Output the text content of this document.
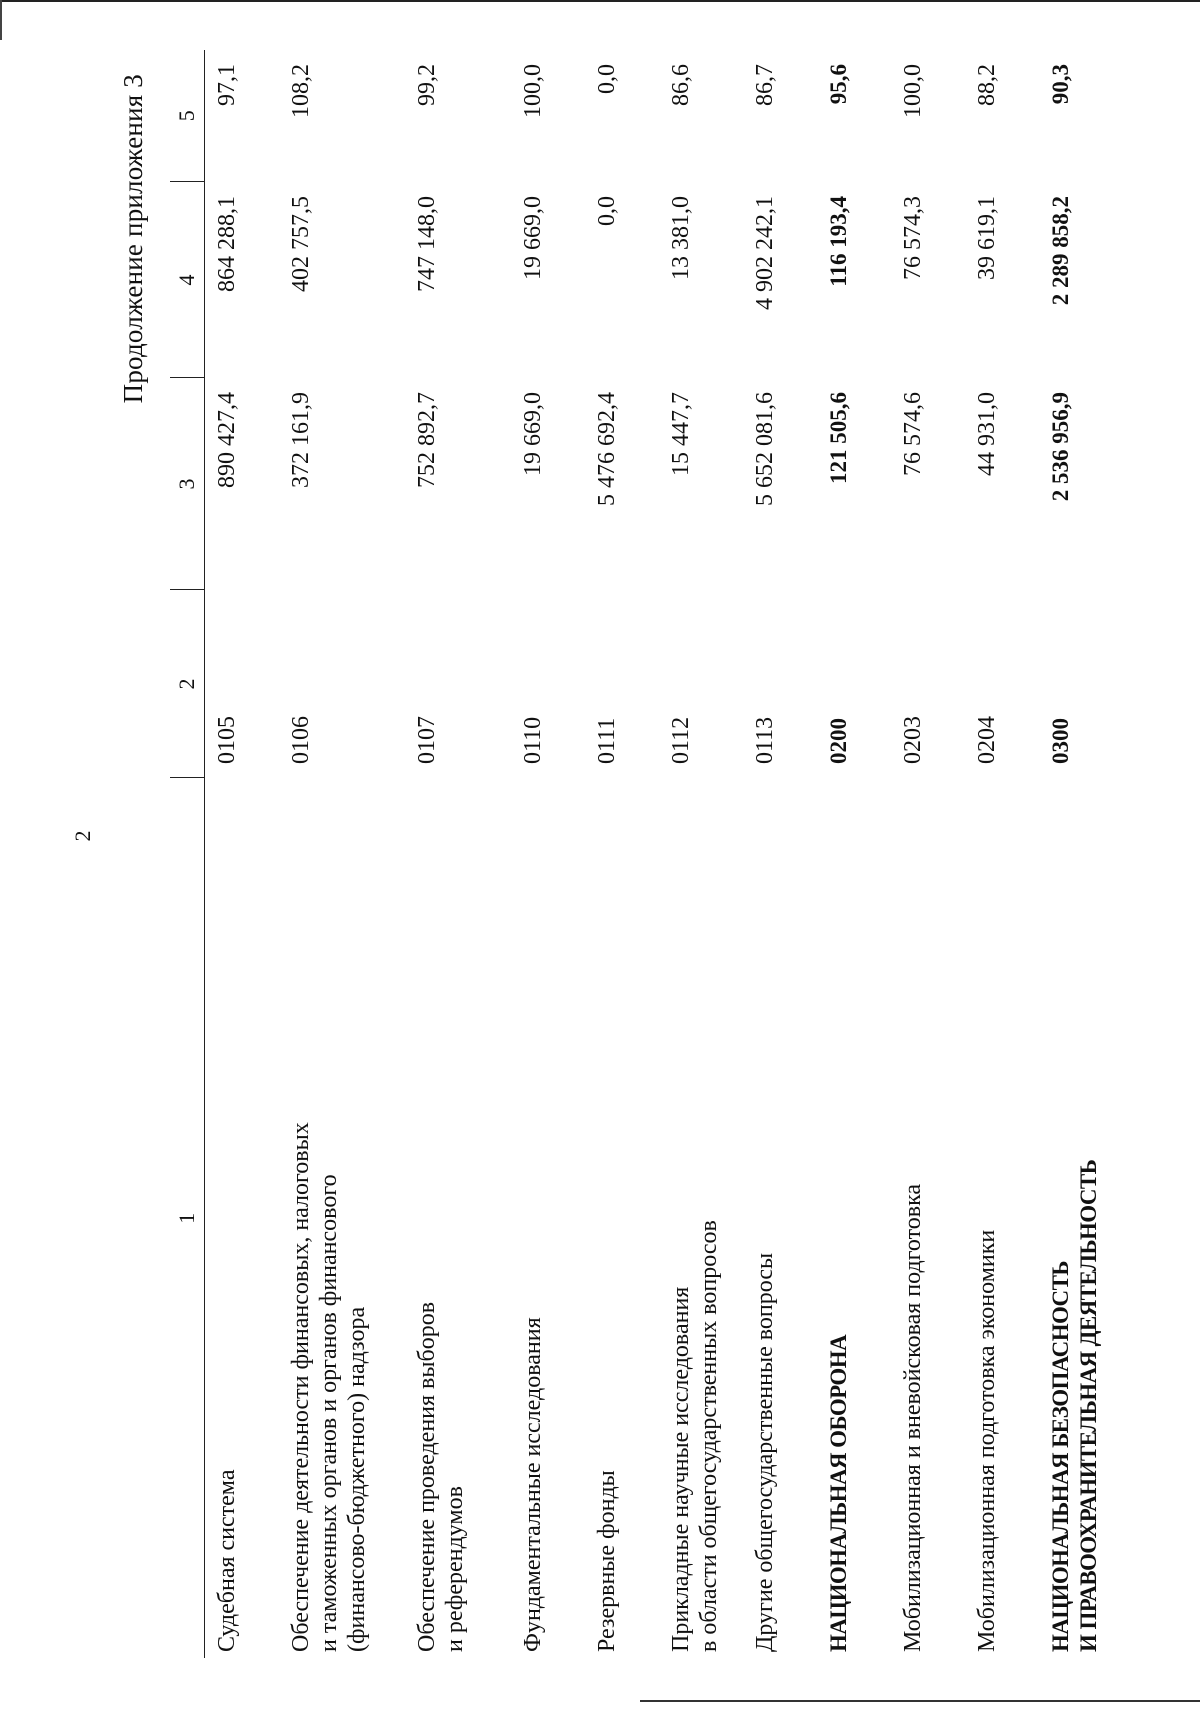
2
Продолжение приложения 3
1	2	3	4	5

Судебная система	0105	890 427,4	864 288,1	97,1

Обеспечение деятельности финансовых, налоговых и таможенных органов и органов финансового (финансово-бюджетного) надзора	0106	372 161,9	402 757,5	108,2

Обеспечение проведения выборов и референдумов	0107	752 892,7	747 148,0	99,2

Фундаментальные исследования	0110	19 669,0	19 669,0	100,0

Резервные фонды	0111	5 476 692,4	0,0	0,0

Прикладные научные исследования в области общегосударственных вопросов	0112	15 447,7	13 381,0	86,6

Другие общегосударственные вопросы	0113	5 652 081,6	4 902 242,1	86,7

НАЦИОНАЛЬНАЯ ОБОРОНА	0200	121 505,6	116 193,4	95,6

Мобилизационная и вневойсковая подготовка	0203	76 574,6	76 574,3	100,0

Мобилизационная подготовка экономики	0204	44 931,0	39 619,1	88,2

НАЦИОНАЛЬНАЯ БЕЗОПАСНОСТЬ И ПРАВООХРАНИТЕЛЬНАЯ ДЕЯТЕЛЬНОСТЬ	0300	2 536 956,9	2 289 858,2	90,3
